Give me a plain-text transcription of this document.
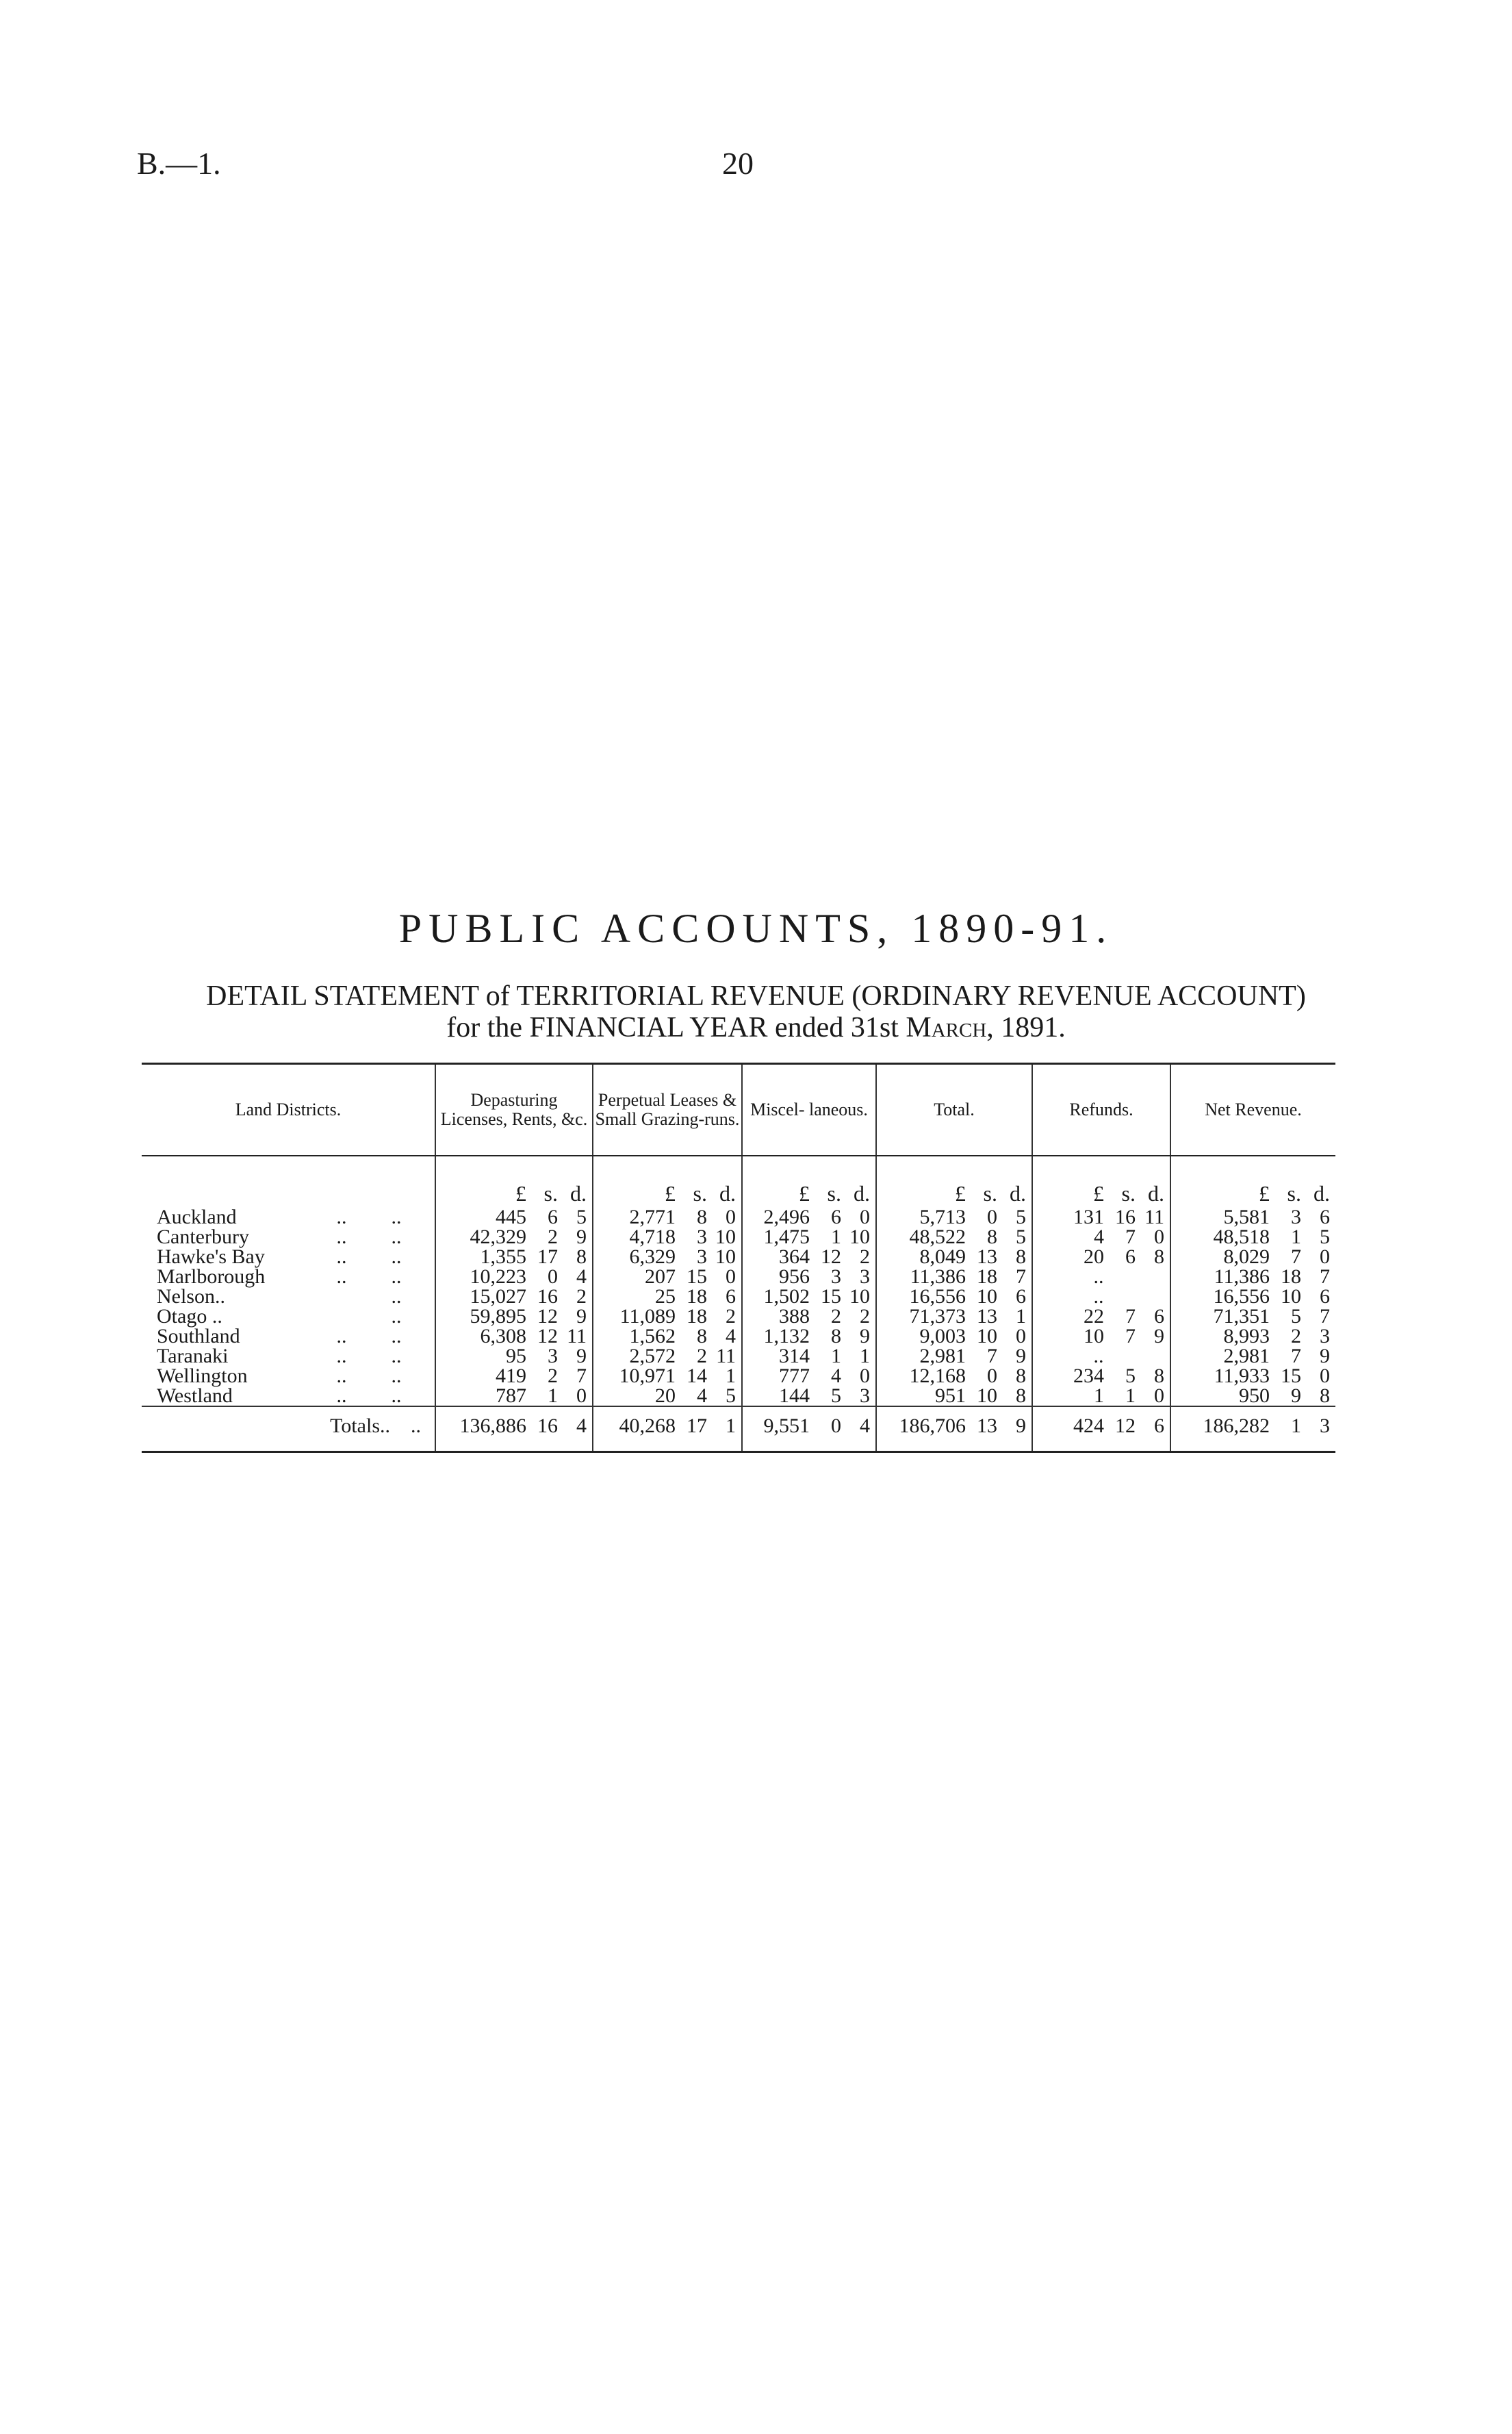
B.—1.	20
PUBLIC ACCOUNTS, 1890-91.
DETAIL STATEMENT of TERRITORIAL REVENUE (ORDINARY REVENUE ACCOUNT)
for the FINANCIAL YEAR ended 31st March, 1891.
Land Districts.	Depasturing Licenses, Rents, &c.	Perpetual Leases & Small Grazing-runs.	Miscel- laneous.	Total.	Refunds.	Net Revenue.

	£ s. d.	£ s. d.	£ s. d.	£ s. d.	£ s. d.	£ s. d.

Auckland .. ..	445 6 5	2,771 8 0	2,496 6 0	5,713 0 5	131 16 11	5,581 3 6

Canterbury .. ..	42,329 2 9	4,718 3 10	1,475 1 10	48,522 8 5	4 7 0	48,518 1 5

Hawke's Bay .. ..	1,355 17 8	6,329 3 10	364 12 2	8,049 13 8	20 6 8	8,029 7 0

Marlborough .. ..	10,223 0 4	207 15 0	956 3 3	11,386 18 7	..	11,386 18 7

Nelson.. ..	15,027 16 2	25 18 6	1,502 15 10	16,556 10 6	..	16,556 10 6

Otago .. ..	59,895 12 9	11,089 18 2	388 2 2	71,373 13 1	22 7 6	71,351 5 7

Southland .. ..	6,308 12 11	1,562 8 4	1,132 8 9	9,003 10 0	10 7 9	8,993 2 3

Taranaki .. ..	95 3 9	2,572 2 11	314 1 1	2,981 7 9	..	2,981 7 9

Wellington .. ..	419 2 7	10,971 14 1	777 4 0	12,168 0 8	234 5 8	11,933 15 0

Westland .. ..	787 1 0	20 4 5	144 5 3	951 10 8	1 1 0	950 9 8

Totals.. ..	136,886 16 4	40,268 17 1	9,551 0 4	186,706 13 9	424 12 6	186,282 1 3
